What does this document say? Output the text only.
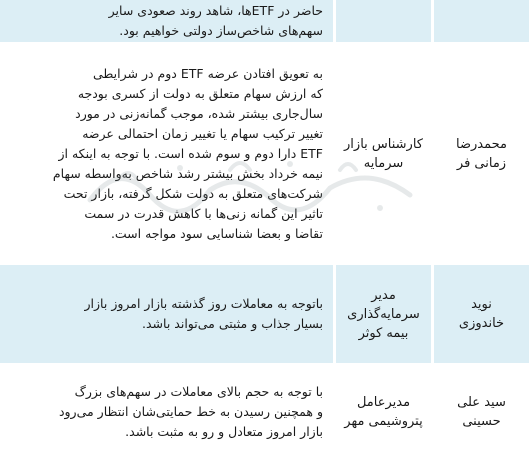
حاضر در ETFها، شاهد روند صعودی سایر
سهم‌های شاخص‌ساز دولتی خواهیم بود.
محمدرضا
زمانی فر
کارشناس بازار
سرمایه
به تعویق افتادن عرضه ETF دوم در شرایطی
که ارزش سهام متعلق به دولت از کسری بودجه
سال‌جاری بیشتر شده، موجب گمانه‌زنی در مورد
تغییر ترکیب سهام یا تغییر زمان احتمالی عرضه
ETF دارا دوم و سوم شده است. با توجه به اینکه از
نیمه خرداد بخش بیشتر رشد شاخص به‌واسطه سهام
شرکت‌های متعلق به دولت شکل گرفته، بازار تحت
تاثیر این گمانه زنی‌ها با کاهش قدرت در سمت
تقاضا و بعضا شناسایی سود مواجه است.
نوید
خاندوزی
مدیر
سرمایه‌گذاری
بیمه کوثر
باتوجه به معاملات روز گذشته بازار امروز بازار
بسیار جذاب و مثبتی می‌تواند باشد.
سید علی
حسینی
مدیرعامل
پتروشیمی مهر
با توجه به حجم بالای معاملات در سهم‌های بزرگ
و همچنین رسیدن به خط حمایتی‌شان انتظار می‌رود
بازار امروز متعادل و رو به مثبت باشد.
